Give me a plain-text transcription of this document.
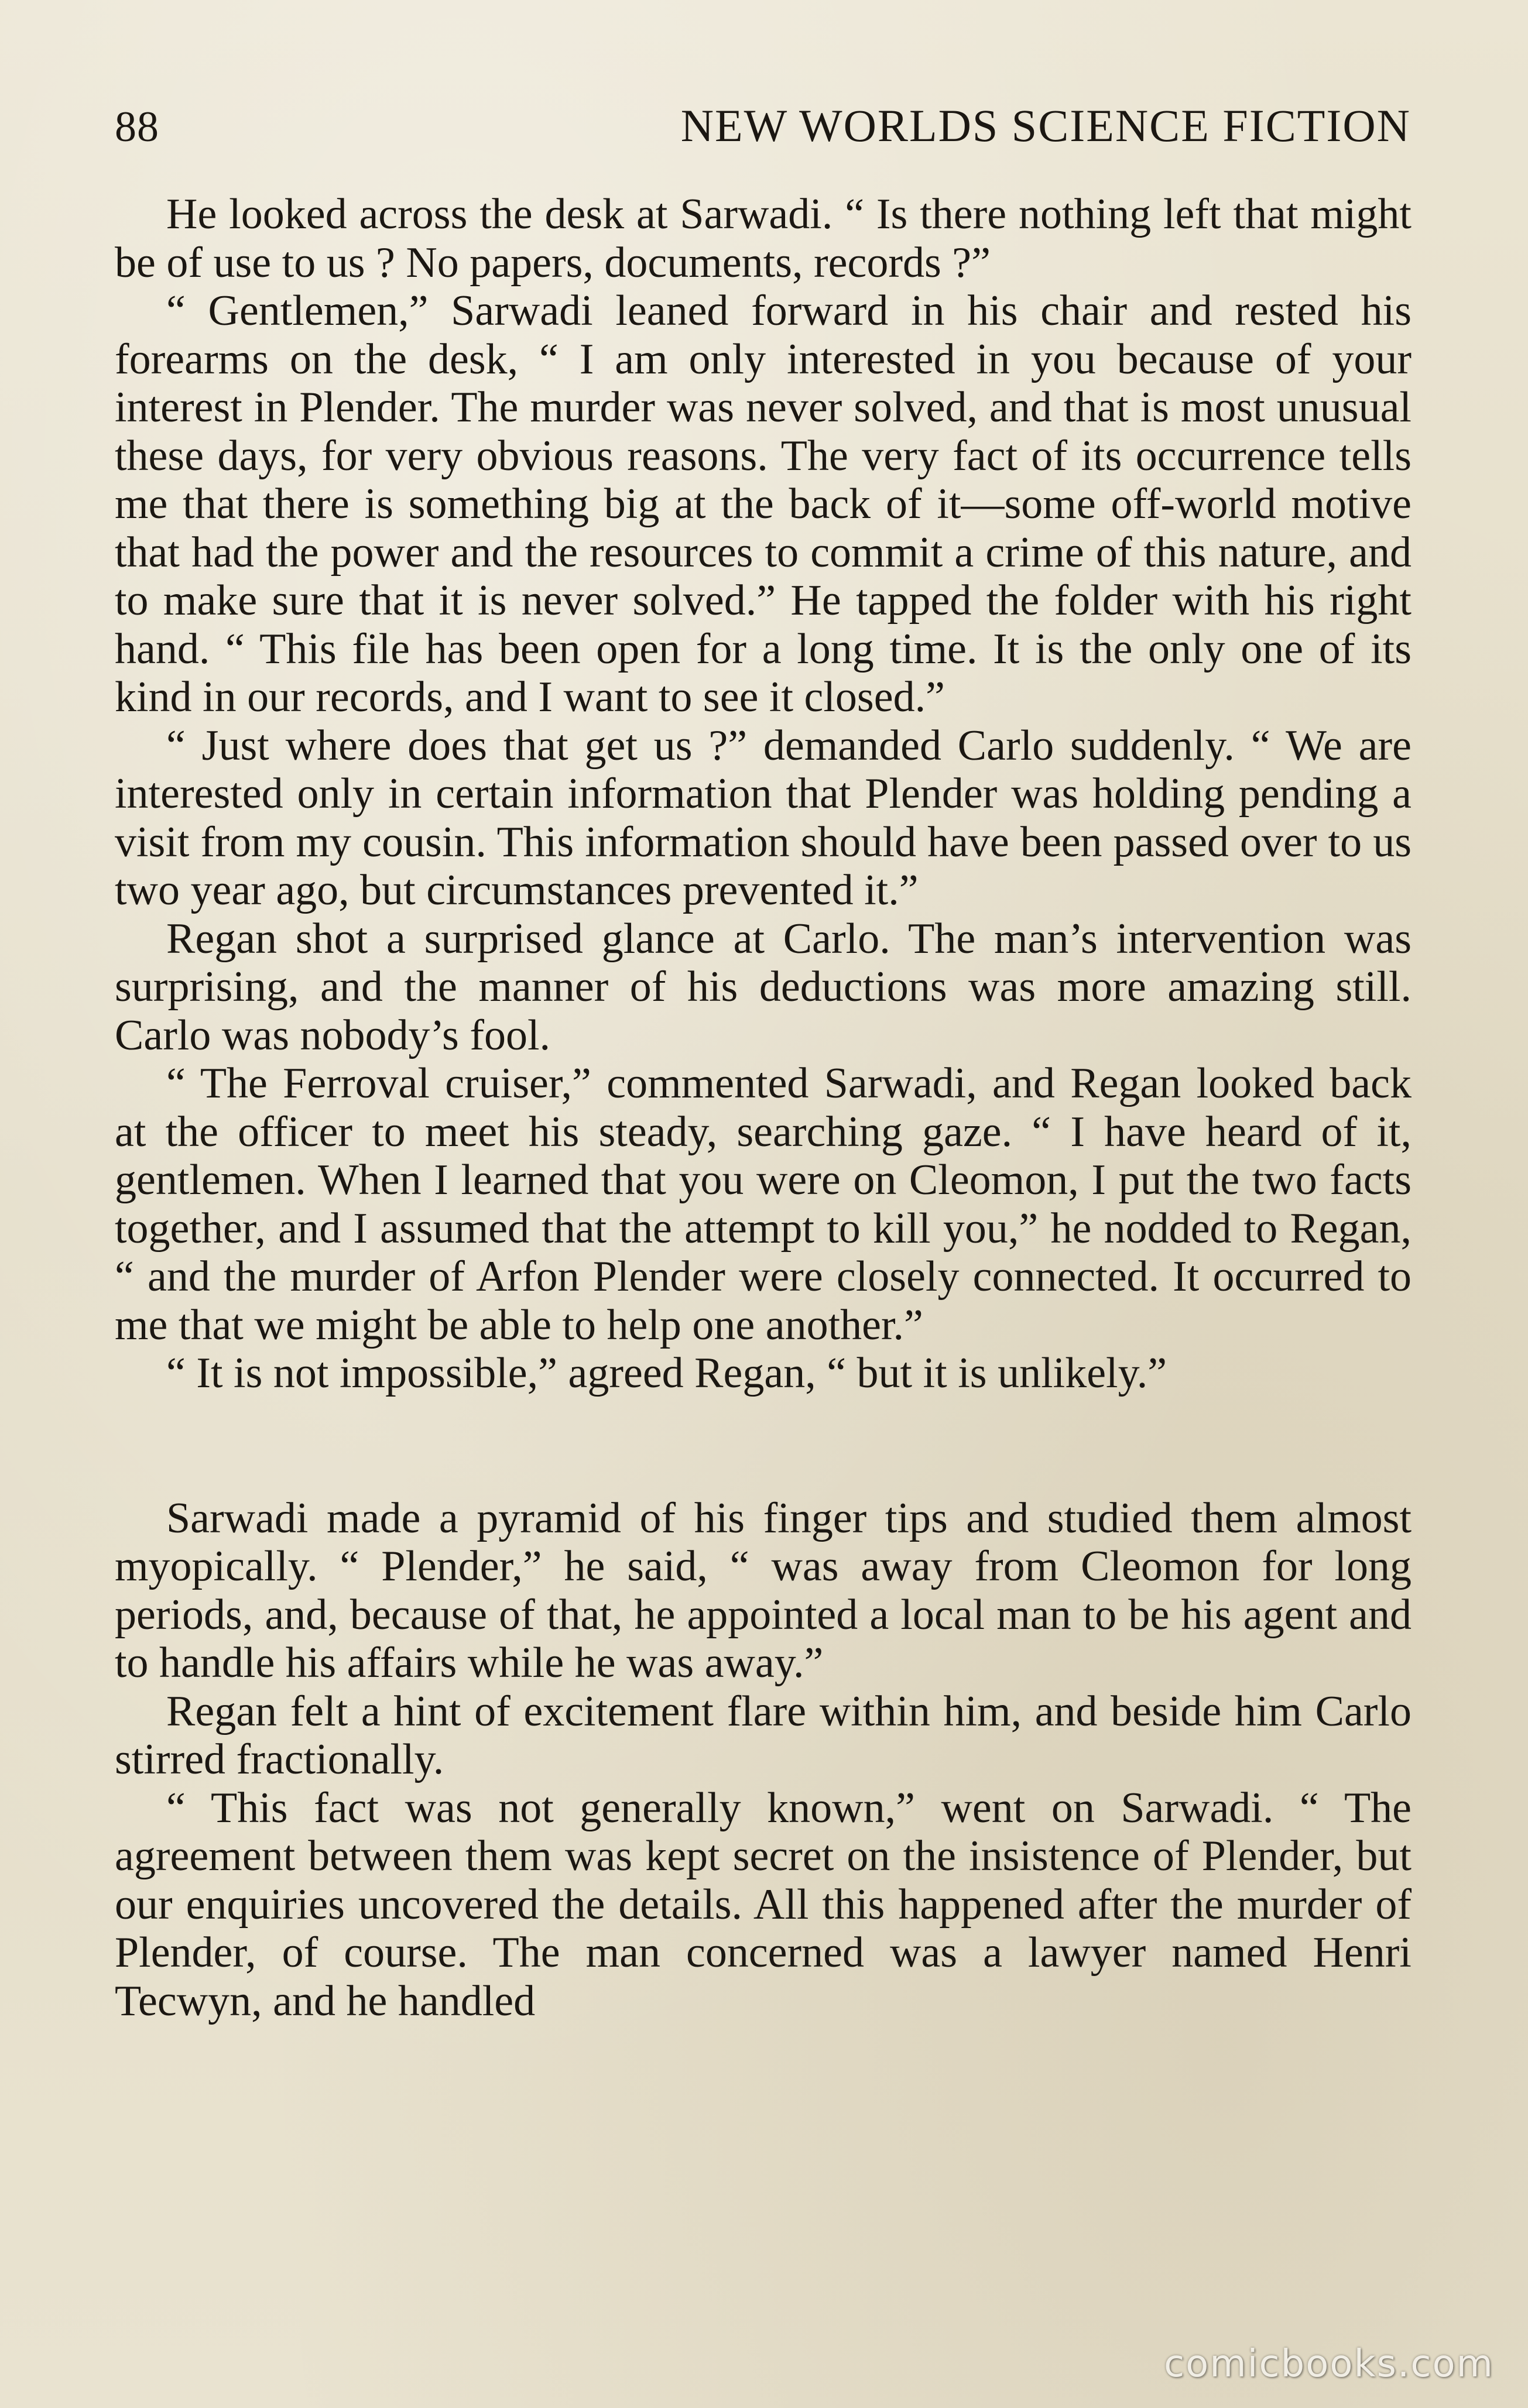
88	NEW WORLDS SCIENCE FICTION

He looked across the desk at Sarwadi. “ Is there nothing left that might be of use to us ? No papers, documents, records ?”

“ Gentlemen,” Sarwadi leaned forward in his chair and rested his forearms on the desk, “ I am only interested in you because of your interest in Plender. The murder was never solved, and that is most unusual these days, for very obvious reasons. The very fact of its occurrence tells me that there is something big at the back of it—some off-world motive that had the power and the resources to commit a crime of this nature, and to make sure that it is never solved.” He tapped the folder with his right hand. “ This file has been open for a long time. It is the only one of its kind in our records, and I want to see it closed.”

“ Just where does that get us ?” demanded Carlo suddenly. “ We are interested only in certain information that Plender was holding pending a visit from my cousin. This information should have been passed over to us two year ago, but circumstances prevented it.”

Regan shot a surprised glance at Carlo. The man’s intervention was surprising, and the manner of his deductions was more amazing still. Carlo was nobody’s fool.

“ The Ferroval cruiser,” commented Sarwadi, and Regan looked back at the officer to meet his steady, searching gaze. “ I have heard of it, gentlemen. When I learned that you were on Cleomon, I put the two facts together, and I assumed that the attempt to kill you,” he nodded to Regan, “ and the murder of Arfon Plender were closely connected. It occurred to me that we might be able to help one another.”

“ It is not impossible,” agreed Regan, “ but it is unlikely.”

Sarwadi made a pyramid of his finger tips and studied them almost myopically. “ Plender,” he said, “ was away from Cleomon for long periods, and, because of that, he appointed a local man to be his agent and to handle his affairs while he was away.”

Regan felt a hint of excitement flare within him, and beside him Carlo stirred fractionally.

“ This fact was not generally known,” went on Sarwadi. “ The agreement between them was kept secret on the insistence of Plender, but our enquiries uncovered the details. All this happened after the murder of Plender, of course. The man concerned was a lawyer named Henri Tecwyn, and he handled

comicbooks.com
